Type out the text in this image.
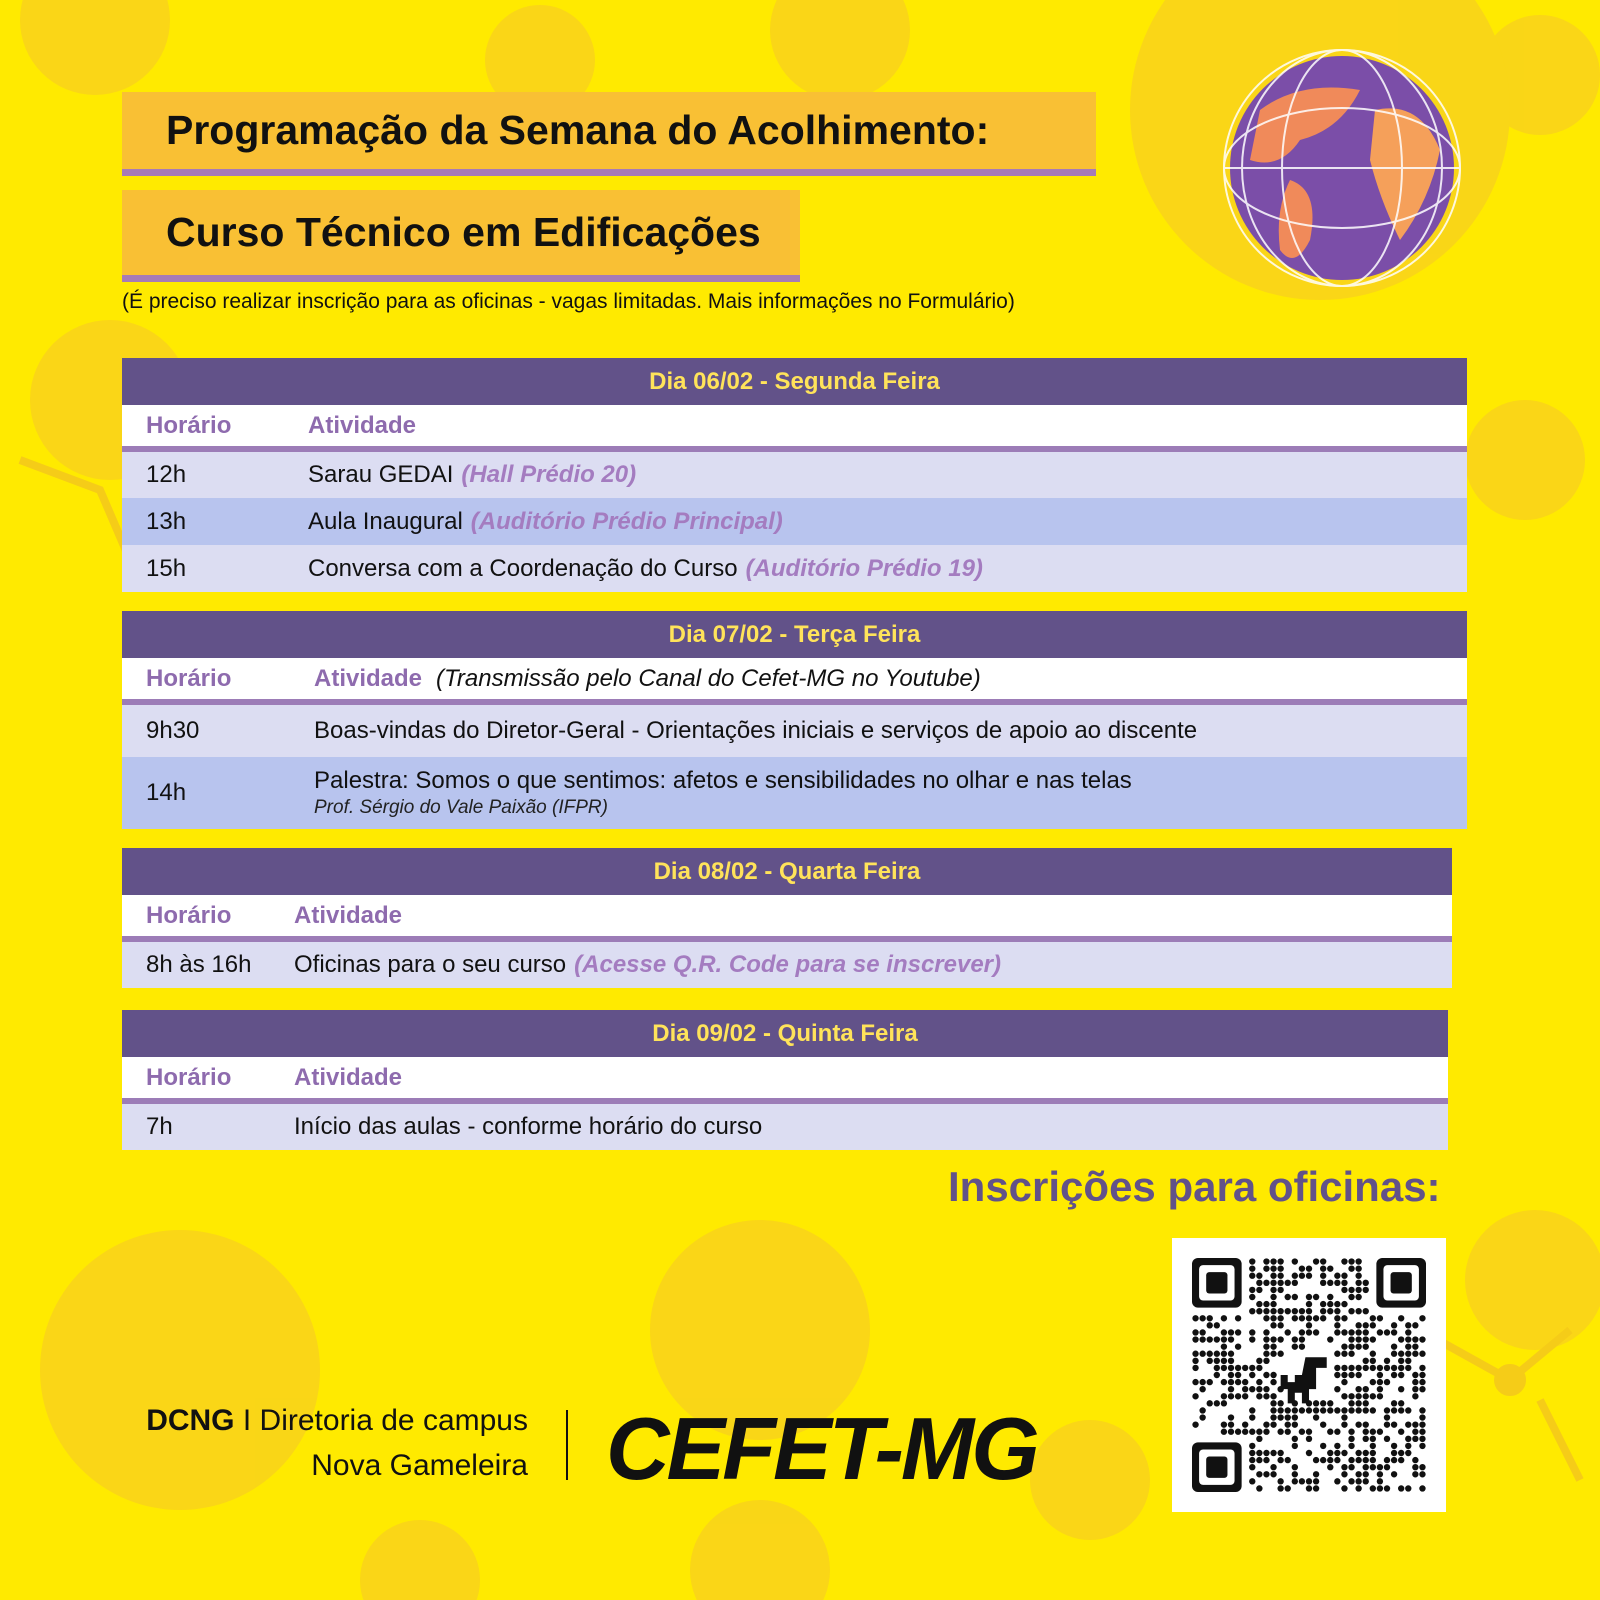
Programação da Semana do Acolhimento:
Curso Técnico em Edificações
(É preciso realizar inscrição para as oficinas - vagas limitadas. Mais informações no Formulário)
Dia 06/02 - Segunda Feira
Horário	Atividade
12h	Sarau GEDAI (Hall Prédio 20)
13h	Aula Inaugural (Auditório Prédio Principal)
15h	Conversa com a Coordenação do Curso (Auditório Prédio 19)
Dia 07/02 - Terça Feira
Horário	Atividade (Transmissão pelo Canal do Cefet-MG no Youtube)
9h30	Boas-vindas do Diretor-Geral - Orientações iniciais e serviços de apoio ao discente
14h	Palestra: Somos o que sentimos: afetos e sensibilidades no olhar e nas telas
Prof. Sérgio do Vale Paixão (IFPR)
Dia 08/02 - Quarta Feira
Horário	Atividade
8h às 16h	Oficinas para o seu curso (Acesse Q.R. Code para se inscrever)
Dia 09/02 - Quinta Feira
Horário	Atividade
7h	Início das aulas - conforme horário do curso
Inscrições para oficinas:
DCNG I Diretoria de campus
Nova Gameleira CEFET-MG
